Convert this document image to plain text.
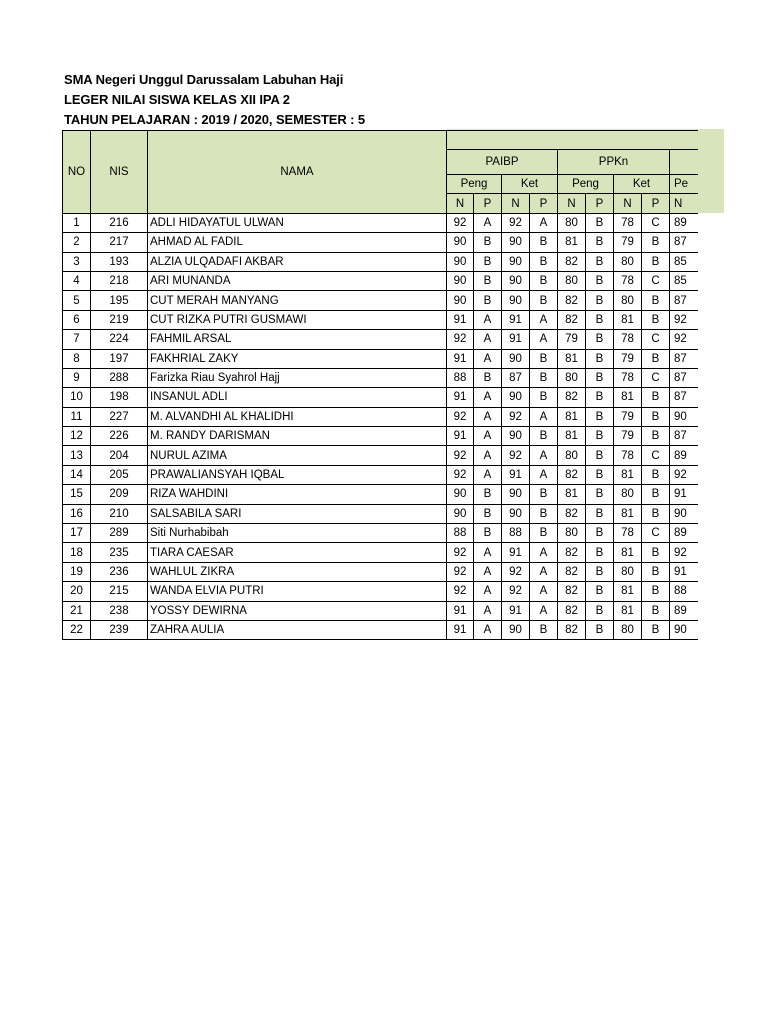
SMA Negeri Unggul Darussalam Labuhan Haji
LEGER NILAI SISWA KELAS XII IPA 2
TAHUN PELAJARAN : 2019 / 2020, SEMESTER : 5
NO	NIS	NAMA									
			PAIBP				PPKn				
			Peng		Ket		Peng		Ket		Pe
			N	P	N	P	N	P	N	P	N
1	216	ADLI HIDAYATUL ULWAN	92	A	92	A	80	B	78	C	89
2	217	AHMAD AL FADIL	90	B	90	B	81	B	79	B	87
3	193	ALZIA ULQADAFI AKBAR	90	B	90	B	82	B	80	B	85
4	218	ARI MUNANDA	90	B	90	B	80	B	78	C	85
5	195	CUT MERAH MANYANG	90	B	90	B	82	B	80	B	87
6	219	CUT RIZKA PUTRI GUSMAWI	91	A	91	A	82	B	81	B	92
7	224	FAHMIL ARSAL	92	A	91	A	79	B	78	C	92
8	197	FAKHRIAL ZAKY	91	A	90	B	81	B	79	B	87
9	288	Farizka Riau Syahrol Hajj	88	B	87	B	80	B	78	C	87
10	198	INSANUL ADLI	91	A	90	B	82	B	81	B	87
11	227	M. ALVANDHI AL KHALIDHI	92	A	92	A	81	B	79	B	90
12	226	M. RANDY DARISMAN	91	A	90	B	81	B	79	B	87
13	204	NURUL AZIMA	92	A	92	A	80	B	78	C	89
14	205	PRAWALIANSYAH IQBAL	92	A	91	A	82	B	81	B	92
15	209	RIZA WAHDINI	90	B	90	B	81	B	80	B	91
16	210	SALSABILA SARI	90	B	90	B	82	B	81	B	90
17	289	Siti Nurhabibah	88	B	88	B	80	B	78	C	89
18	235	TIARA CAESAR	92	A	91	A	82	B	81	B	92
19	236	WAHLUL ZIKRA	92	A	92	A	82	B	80	B	91
20	215	WANDA ELVIA PUTRI	92	A	92	A	82	B	81	B	88
21	238	YOSSY DEWIRNA	91	A	91	A	82	B	81	B	89
22	239	ZAHRA AULIA	91	A	90	B	82	B	80	B	90
